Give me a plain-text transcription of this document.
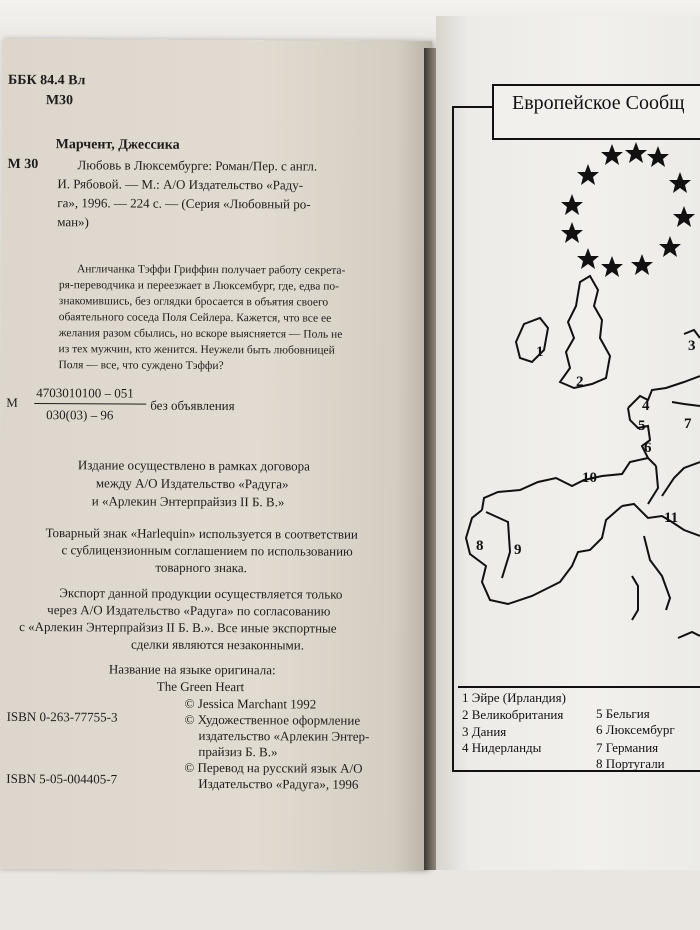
ББК 84.4 Вл
М30
Марчент, Джессика
М 30	Любовь в Люксембурге: Роман/Пер. с англ.
И. Рябовой. — М.: А/О Издательство «Раду-
га», 1996. — 224 с. — (Серия «Любовный ро-
ман»)
Англичанка Тэффи Гриффин получает работу секрета-
ря-переводчика и переезжает в Люксембург, где, едва по-
знакомившись, без оглядки бросается в объятия своего
обаятельного соседа Поля Сейлера. Кажется, что все ее
желания разом сбылись, но вскоре выясняется — Поль не
из тех мужчин, кто женится. Неужели быть любовницей
Поля — все, что суждено Тэффи?
М
4703010100 – 051
030(03) – 96
без объявления
Издание осуществлено в рамках договора
между А/О Издательство «Радуга»
и «Арлекин Энтерпрайзиз II Б. В.»
Товарный знак «Harlequin» используется в соответствии
с сублицензионным соглашением по использованию
товарного знака.
Экспорт данной продукции осуществляется только
через А/О Издательство «Радуга» по согласованию
с «Арлекин Энтерпрайзиз II Б. В.». Все иные экспортные
сделки являются незаконными.
Название на языке оригинала:
The Green Heart
ISBN 0-263-77755-3
© Jessica Marchant 1992
© Художественное оформление
издательство «Арлекин Энтер-
прайзиз Б. В.»
© Перевод на русский язык А/О
Издательство «Радуга», 1996
ISBN 5-05-004405-7
1
2
3
4
5
6
7
8 9
10
11
Европейское Сообщ
1 Эйре (Ирландия)
2 Великобритания
3 Дания
4 Нидерланды
5 Бельгия
6 Люксембург
7 Германия
8 Португали
